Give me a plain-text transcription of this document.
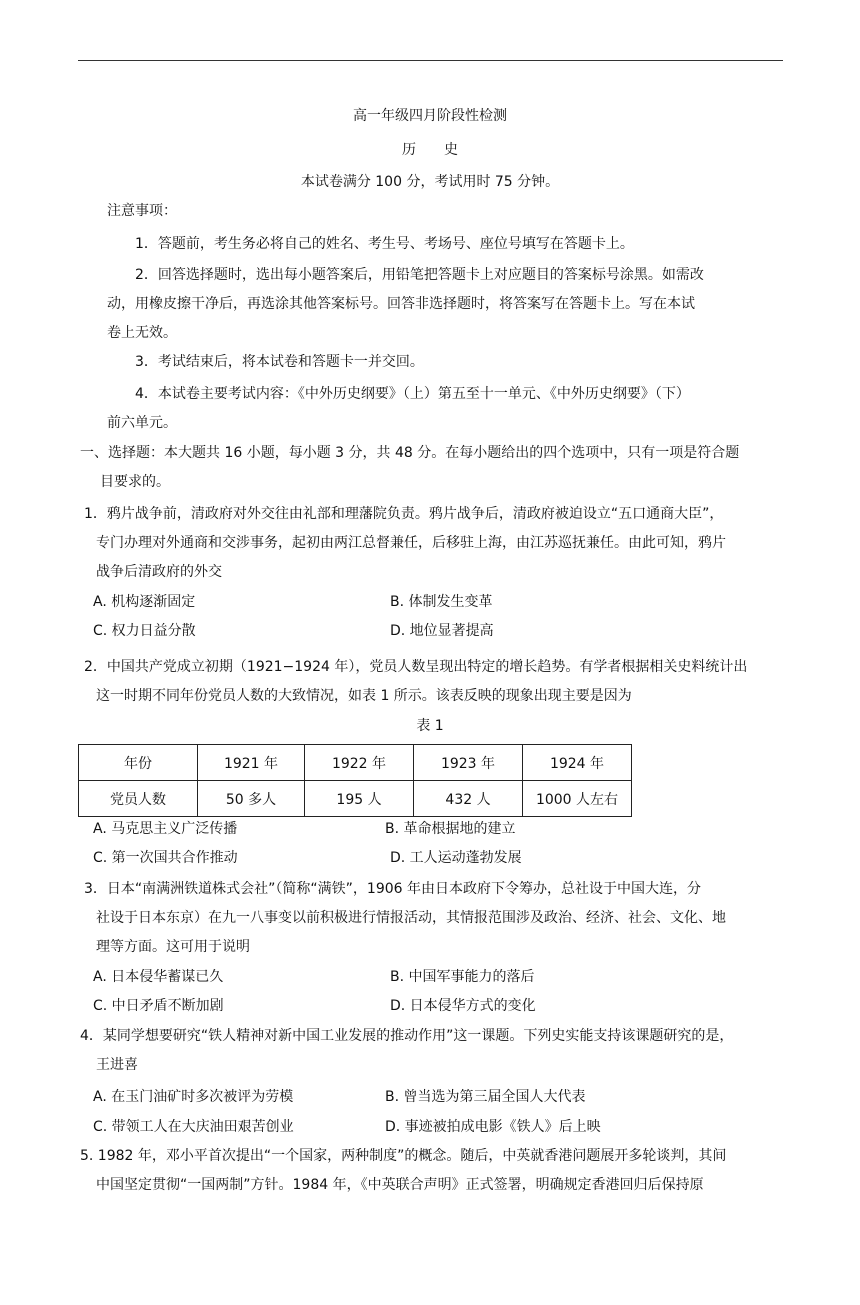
高一年级四月阶段性检测
历　　史
本试卷满分 100 分，考试用时 75 分钟。
注意事项：
1．答题前，考生务必将自己的姓名、考生号、考场号、座位号填写在答题卡上。
2．回答选择题时，选出每小题答案后，用铅笔把答题卡上对应题目的答案标号涂黑。如需改
动，用橡皮擦干净后，再选涂其他答案标号。回答非选择题时，将答案写在答题卡上。写在本试
卷上无效。
3．考试结束后，将本试卷和答题卡一并交回。
4．本试卷主要考试内容：《中外历史纲要》（上）第五至十一单元、《中外历史纲要》（下）
前六单元。
一、选择题：本大题共 16 小题，每小题 3 分，共 48 分。在每小题给出的四个选项中，只有一项是符合题
目要求的。
1．鸦片战争前，清政府对外交往由礼部和理藩院负责。鸦片战争后，清政府被迫设立“五口通商大臣”，
专门办理对外通商和交涉事务，起初由两江总督兼任，后移驻上海，由江苏巡抚兼任。由此可知，鸦片
战争后清政府的外交
A. 机构逐渐固定	B. 体制发生变革
C. 权力日益分散	D. 地位显著提高
2．中国共产党成立初期（1921−1924 年），党员人数呈现出特定的增长趋势。有学者根据相关史料统计出
这一时期不同年份党员人数的大致情况，如表 1 所示。该表反映的现象出现主要是因为
表 1
年份	1921 年	1922 年	1923 年	1924 年
党员人数	50 多人	195 人	432 人	1000 人左右
A. 马克思主义广泛传播	B. 革命根据地的建立
C. 第一次国共合作推动	D. 工人运动蓬勃发展
3．日本“南满洲铁道株式会社”（简称“满铁”，1906 年由日本政府下令筹办，总社设于中国大连，分
社设于日本东京）在九一八事变以前积极进行情报活动，其情报范围涉及政治、经济、社会、文化、地
理等方面。这可用于说明
A. 日本侵华蓄谋已久	B. 中国军事能力的落后
C. 中日矛盾不断加剧	D. 日本侵华方式的变化
4．某同学想要研究“铁人精神对新中国工业发展的推动作用”这一课题。下列史实能支持该课题研究的是，
王进喜
A. 在玉门油矿时多次被评为劳模	B. 曾当选为第三届全国人大代表
C. 带领工人在大庆油田艰苦创业	D. 事迹被拍成电影《铁人》后上映
5. 1982 年，邓小平首次提出“一个国家，两种制度”的概念。随后，中英就香港问题展开多轮谈判，其间
中国坚定贯彻“一国两制”方针。1984 年，《中英联合声明》正式签署，明确规定香港回归后保持原
